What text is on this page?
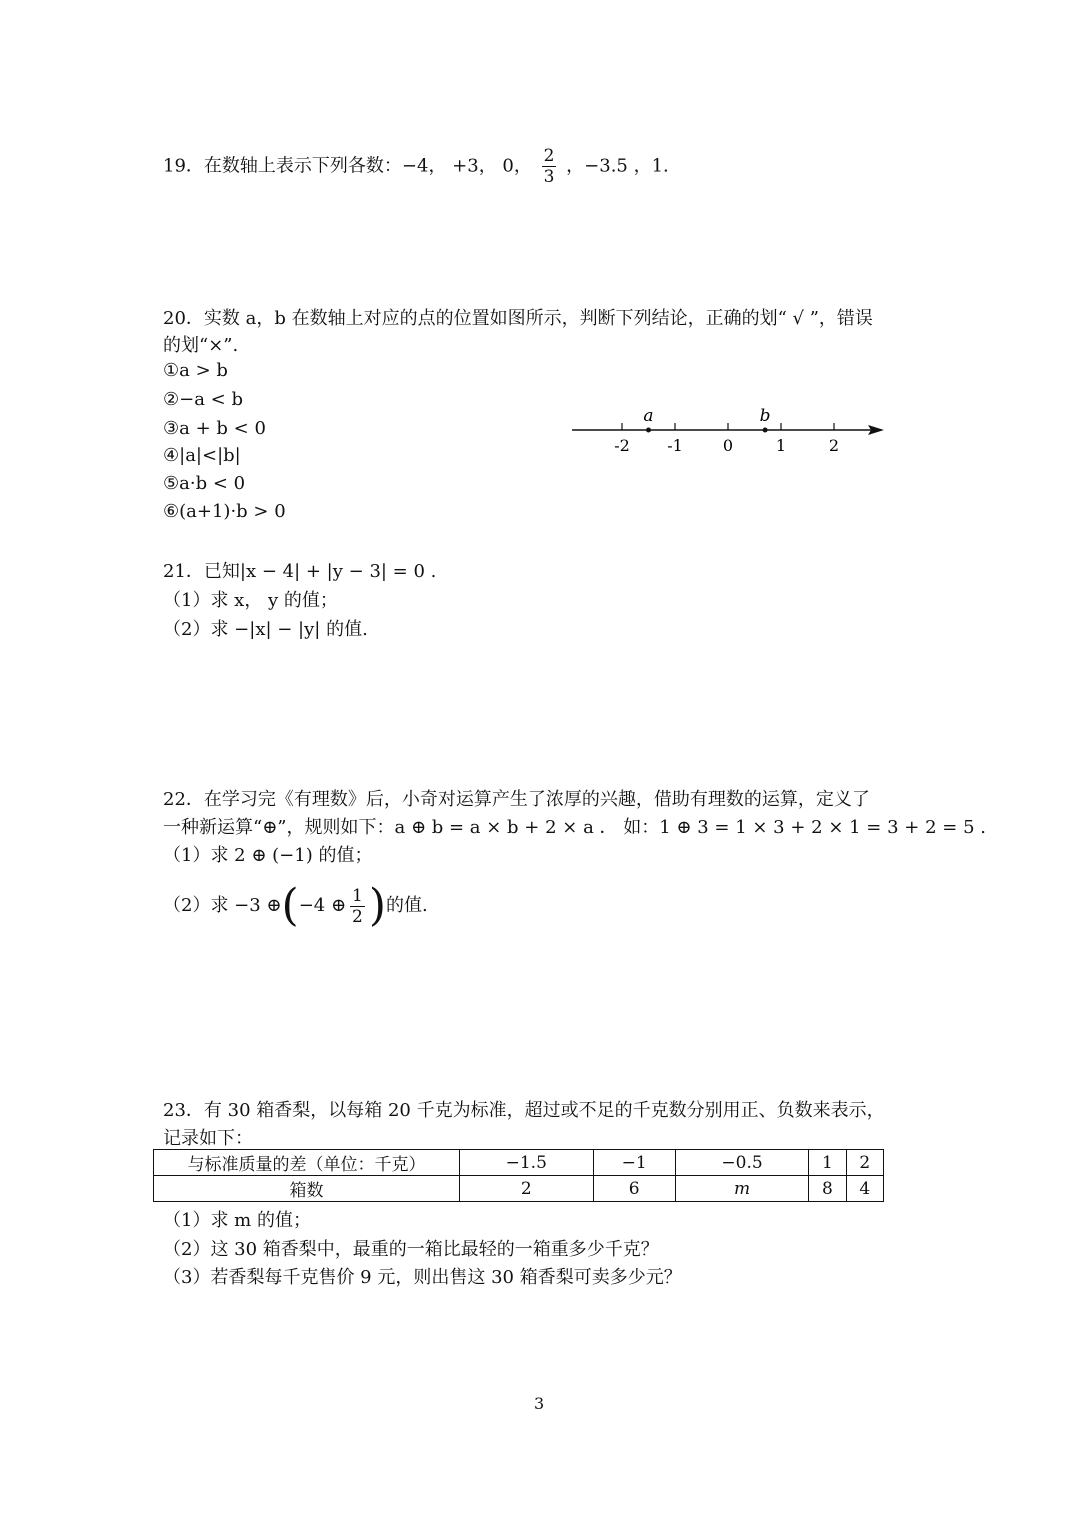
19．在数轴上表示下列各数：−4， +3， 0， $\frac{2}{3}$ ，−3.5 ，1.
20．实数 a，b 在数轴上对应的点的位置如图所示，判断下列结论，正确的划“ √ ”，错误
的划“×”.
①a > b
②−a < b
③a + b < 0
④|a|<|b|
⑤a·b < 0
⑥(a+1)·b > 0
-2 -1	0	1	2
a	b
21．已知|x − 4| + |y − 3| = 0 .
（1）求 x， y 的值；
（2）求 −|x| − |y| 的值.
22．在学习完《有理数》后，小奇对运算产生了浓厚的兴趣，借助有理数的运算，定义了
一种新运算“⊕”，规则如下：a ⊕ b = a × b + 2 × a ． 如：1 ⊕ 3 = 1 × 3 + 2 × 1 = 3 + 2 = 5 .
（1）求 2 ⊕ (−1) 的值；
（2）求 −3 ⊕(−4 ⊕ $\frac{1}{2}$ )的值.
23．有 30 箱香梨，以每箱 20 千克为标准，超过或不足的千克数分别用正、负数来表示，
记录如下：
与标准质量的差（单位：千克）	−1.5	−1	−0.5	1	2
箱数	2	6	m	8	4
（1）求 m 的值；
（2）这 30 箱香梨中，最重的一箱比最轻的一箱重多少千克？
（3）若香梨每千克售价 9 元，则出售这 30 箱香梨可卖多少元？
3
